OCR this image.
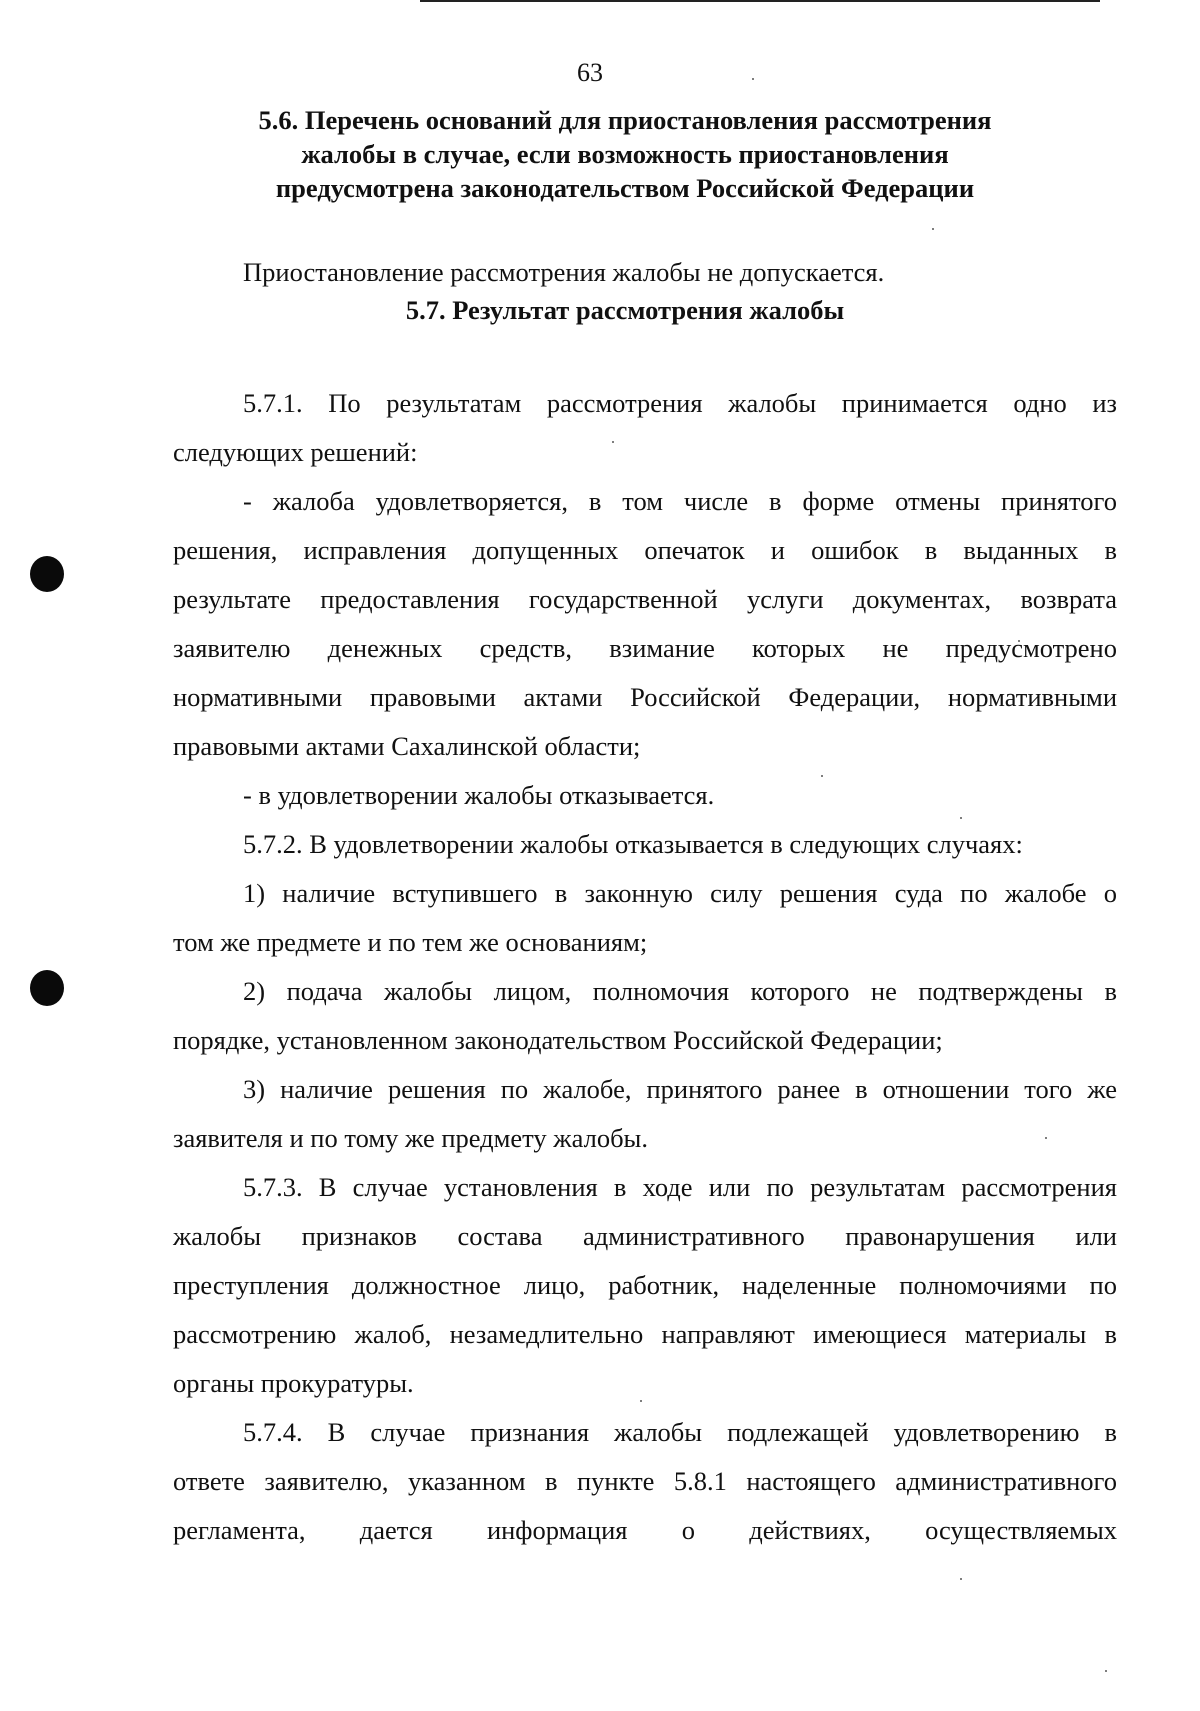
63
5.6. Перечень оснований для приостановления рассмотрения
жалобы в случае, если возможность приостановления
предусмотрена законодательством Российской Федерации
Приостановление рассмотрения жалобы не допускается.
5.7. Результат рассмотрения жалобы
5.7.1. По результатам рассмотрения жалобы принимается одно из
следующих решений:
- жалоба удовлетворяется, в том числе в форме отмены принятого
решения, исправления допущенных опечаток и ошибок в выданных в
результате предоставления государственной услуги документах, возврата
заявителю денежных средств, взимание которых не предусмотрено
нормативными правовыми актами Российской Федерации, нормативными
правовыми актами Сахалинской области;
- в удовлетворении жалобы отказывается.
5.7.2. В удовлетворении жалобы отказывается в следующих случаях:
1) наличие вступившего в законную силу решения суда по жалобе о
том же предмете и по тем же основаниям;
2) подача жалобы лицом, полномочия которого не подтверждены в
порядке, установленном законодательством Российской Федерации;
3) наличие решения по жалобе, принятого ранее в отношении того же
заявителя и по тому же предмету жалобы.
5.7.3. В случае установления в ходе или по результатам рассмотрения
жалобы признаков состава административного правонарушения или
преступления должностное лицо, работник, наделенные полномочиями по
рассмотрению жалоб, незамедлительно направляют имеющиеся материалы в
органы прокуратуры.
5.7.4. В случае признания жалобы подлежащей удовлетворению в
ответе заявителю, указанном в пункте 5.8.1 настоящего административного
регламента, дается информация о действиях, осуществляемых
